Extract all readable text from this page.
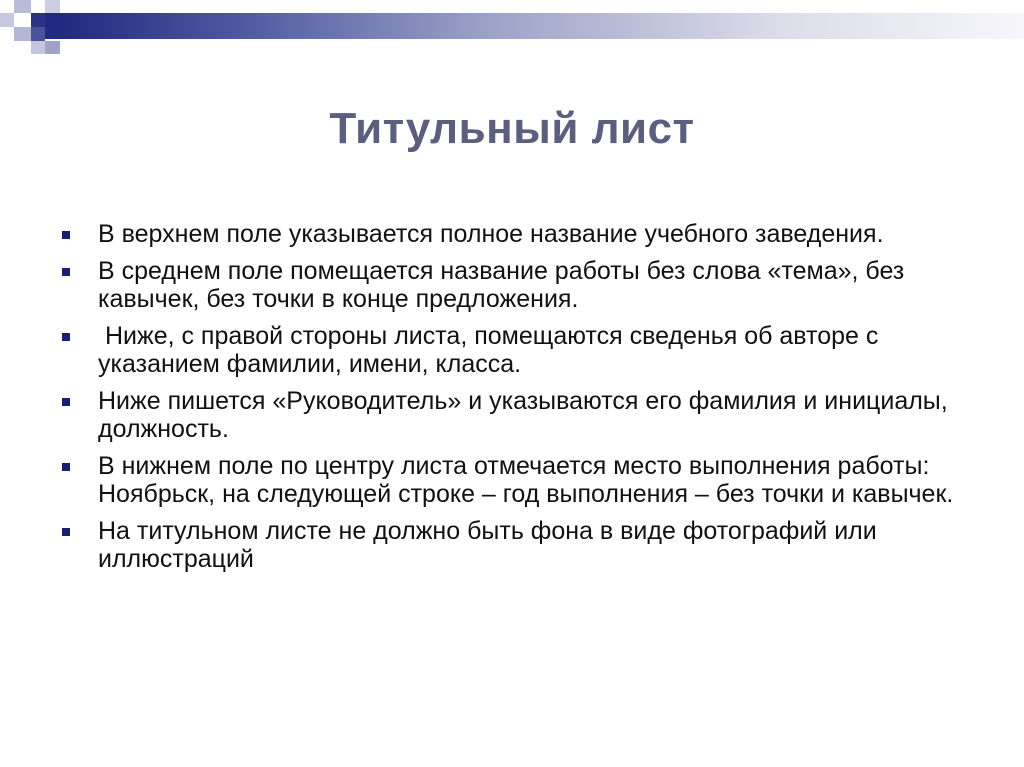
Титульный лист
В верхнем поле указывается полное название учебного заведения.
В среднем поле помещается название работы без слова «тема», без кавычек, без точки в конце предложения.
Ниже, с правой стороны листа, помещаются сведенья об авторе с указанием фамилии, имени, класса.
Ниже пишется «Руководитель» и указываются его фамилия и инициалы, должность.
В нижнем поле по центру листа отмечается место выполнения работы: Ноябрьск, на следующей строке – год выполнения – без точки и кавычек.
На титульном листе не должно быть фона в виде фотографий или иллюстраций
